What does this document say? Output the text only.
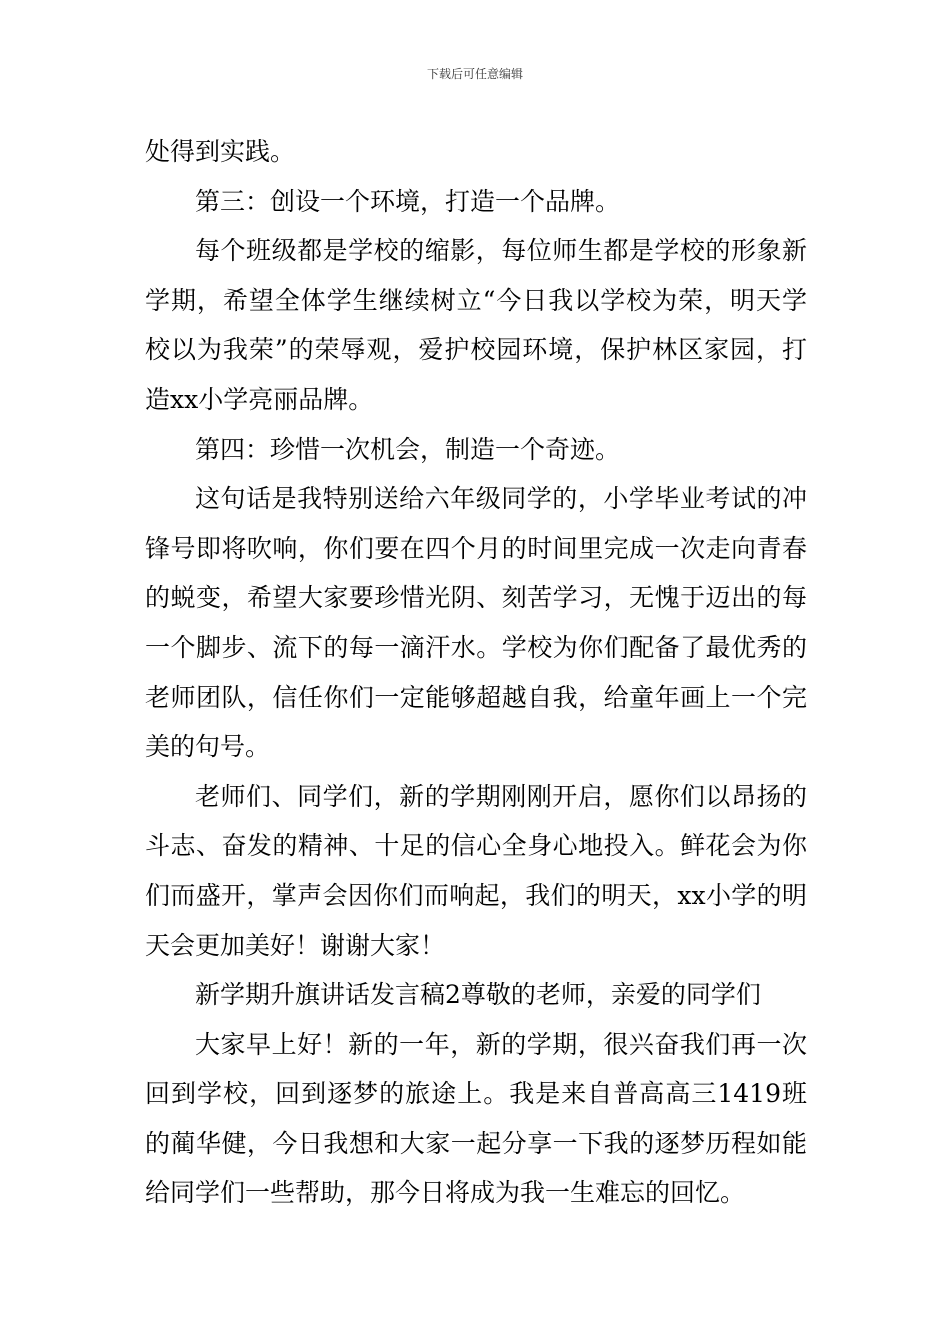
下载后可任意编辑

处得到实践。

第三：创设一个环境，打造一个品牌。

每个班级都是学校的缩影，每位师生都是学校的形象新学期，希望全体学生继续树立“今日我以学校为荣，明天学校以为我荣”的荣辱观，爱护校园环境，保护林区家园，打造xx小学亮丽品牌。

第四：珍惜一次机会，制造一个奇迹。

这句话是我特别送给六年级同学的，小学毕业考试的冲锋号即将吹响，你们要在四个月的时间里完成一次走向青春的蜕变，希望大家要珍惜光阴、刻苦学习，无愧于迈出的每一个脚步、流下的每一滴汗水。学校为你们配备了最优秀的老师团队，信任你们一定能够超越自我，给童年画上一个完美的句号。

老师们、同学们，新的学期刚刚开启，愿你们以昂扬的斗志、奋发的精神、十足的信心全身心地投入。鲜花会为你们而盛开，掌声会因你们而响起，我们的明天，xx小学的明天会更加美好！谢谢大家！

新学期升旗讲话发言稿2尊敬的老师，亲爱的同学们

大家早上好！新的一年，新的学期，很兴奋我们再一次回到学校，回到逐梦的旅途上。我是来自普高高三1419班的蔺华健，今日我想和大家一起分享一下我的逐梦历程如能给同学们一些帮助，那今日将成为我一生难忘的回忆。
